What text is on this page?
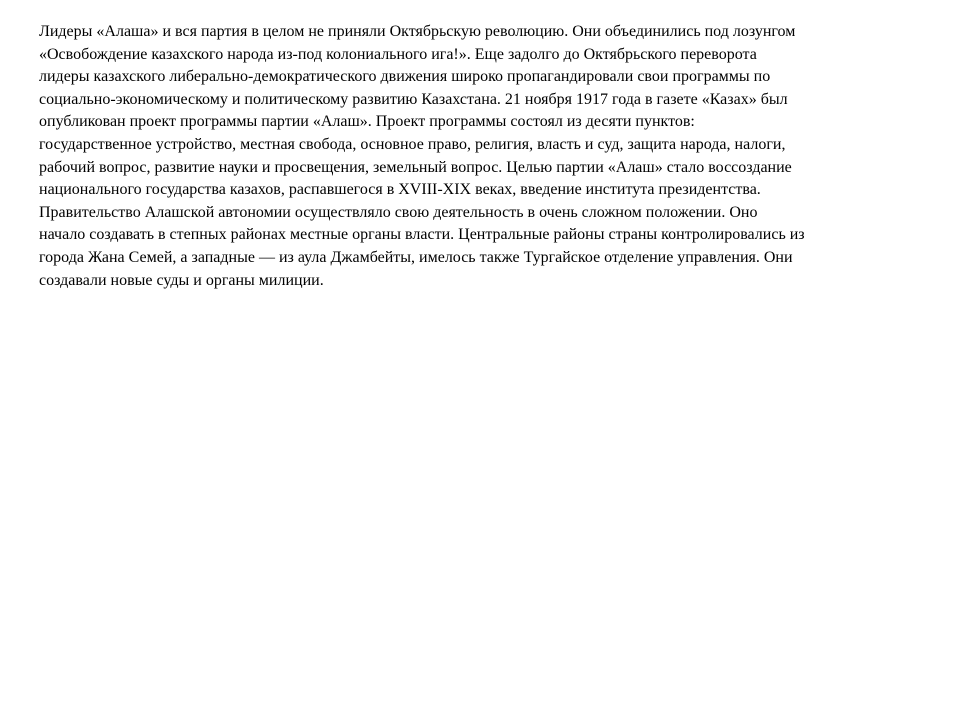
Лидеры «Алаша» и вся партия в целом не приняли Октябрьскую революцию. Они объединились под лозунгом
«Освобождение казахского народа из-под колониального ига!». Еще задолго до Октябрьского переворота
лидеры казахского либерально-демократического движения широко пропагандировали свои программы по
социально-экономическому и политическому развитию Казахстана. 21 ноября 1917 года в газете «Казах» был
опубликован проект программы партии «Алаш». Проект программы состоял из десяти пунктов:
государственное устройство, местная свобода, основное право, религия, власть и суд, защита народа, налоги,
рабочий вопрос, развитие науки и просвещения, земельный вопрос. Целью партии «Алаш» стало воссоздание
национального государства казахов, распавшегося в XVIII-XIX веках, введение института президентства.
Правительство Алашской автономии осуществляло свою деятельность в очень сложном положении. Оно
начало создавать в степных районах местные органы власти. Центральные районы страны контролировались из
города Жана Семей, а западные — из аула Джамбейты, имелось также Тургайское отделение управления. Они
создавали новые суды и органы милиции.
